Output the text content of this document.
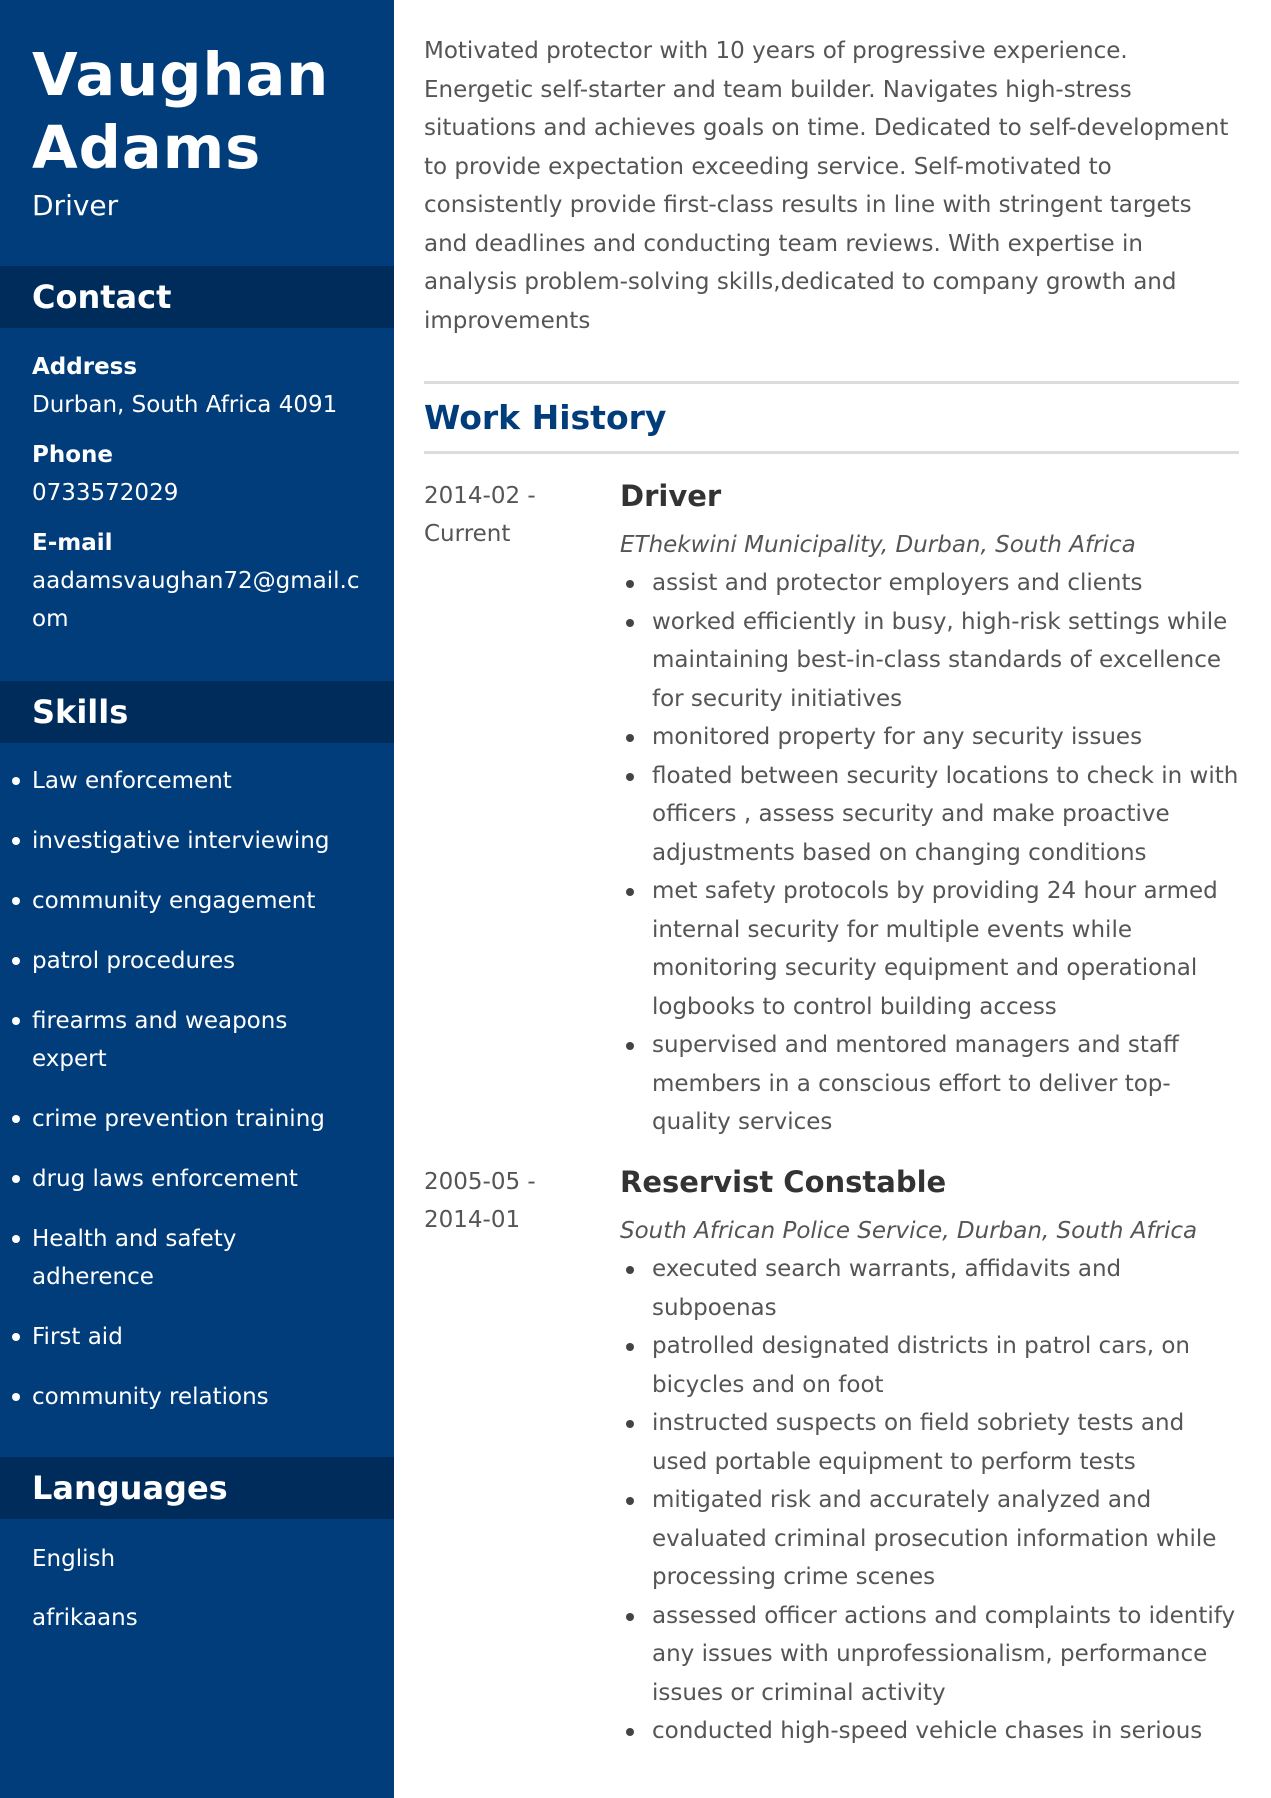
Vaughan
Adams
Driver
Contact
Address
Durban, South Africa 4091
Phone
0733572029
E-mail
aadamsvaughan72@gmail.com
Skills
Law enforcement
investigative interviewing
community engagement
patrol procedures
firearms and weapons expert
crime prevention training
drug laws enforcement
Health and safety adherence
First aid
community relations
Languages
English
afrikaans

Motivated protector with 10 years of progressive experience. Energetic self-starter and team builder. Navigates high-stress situations and achieves goals on time. Dedicated to self-development to provide expectation exceeding service. Self-motivated to consistently provide first-class results in line with stringent targets and deadlines and conducting team reviews. With expertise in analysis problem-solving skills,dedicated to company growth and improvements

Work History
2014-02 -
Current
Driver
EThekwini Municipality, Durban, South Africa
assist and protector employers and clients
worked efficiently in busy, high-risk settings while maintaining best-in-class standards of excellence for security initiatives
monitored property for any security issues
floated between security locations to check in with officers , assess security and make proactive adjustments based on changing conditions
met safety protocols by providing 24 hour armed internal security for multiple events while monitoring security equipment and operational logbooks to control building access
supervised and mentored managers and staff members in a conscious effort to deliver top-quality services
2005-05 -
2014-01
Reservist Constable
South African Police Service, Durban, South Africa
executed search warrants, affidavits and subpoenas
patrolled designated districts in patrol cars, on bicycles and on foot
instructed suspects on field sobriety tests and used portable equipment to perform tests
mitigated risk and accurately analyzed and evaluated criminal prosecution information while processing crime scenes
assessed officer actions and complaints to identify any issues with unprofessionalism, performance issues or criminal activity
conducted high-speed vehicle chases in serious
